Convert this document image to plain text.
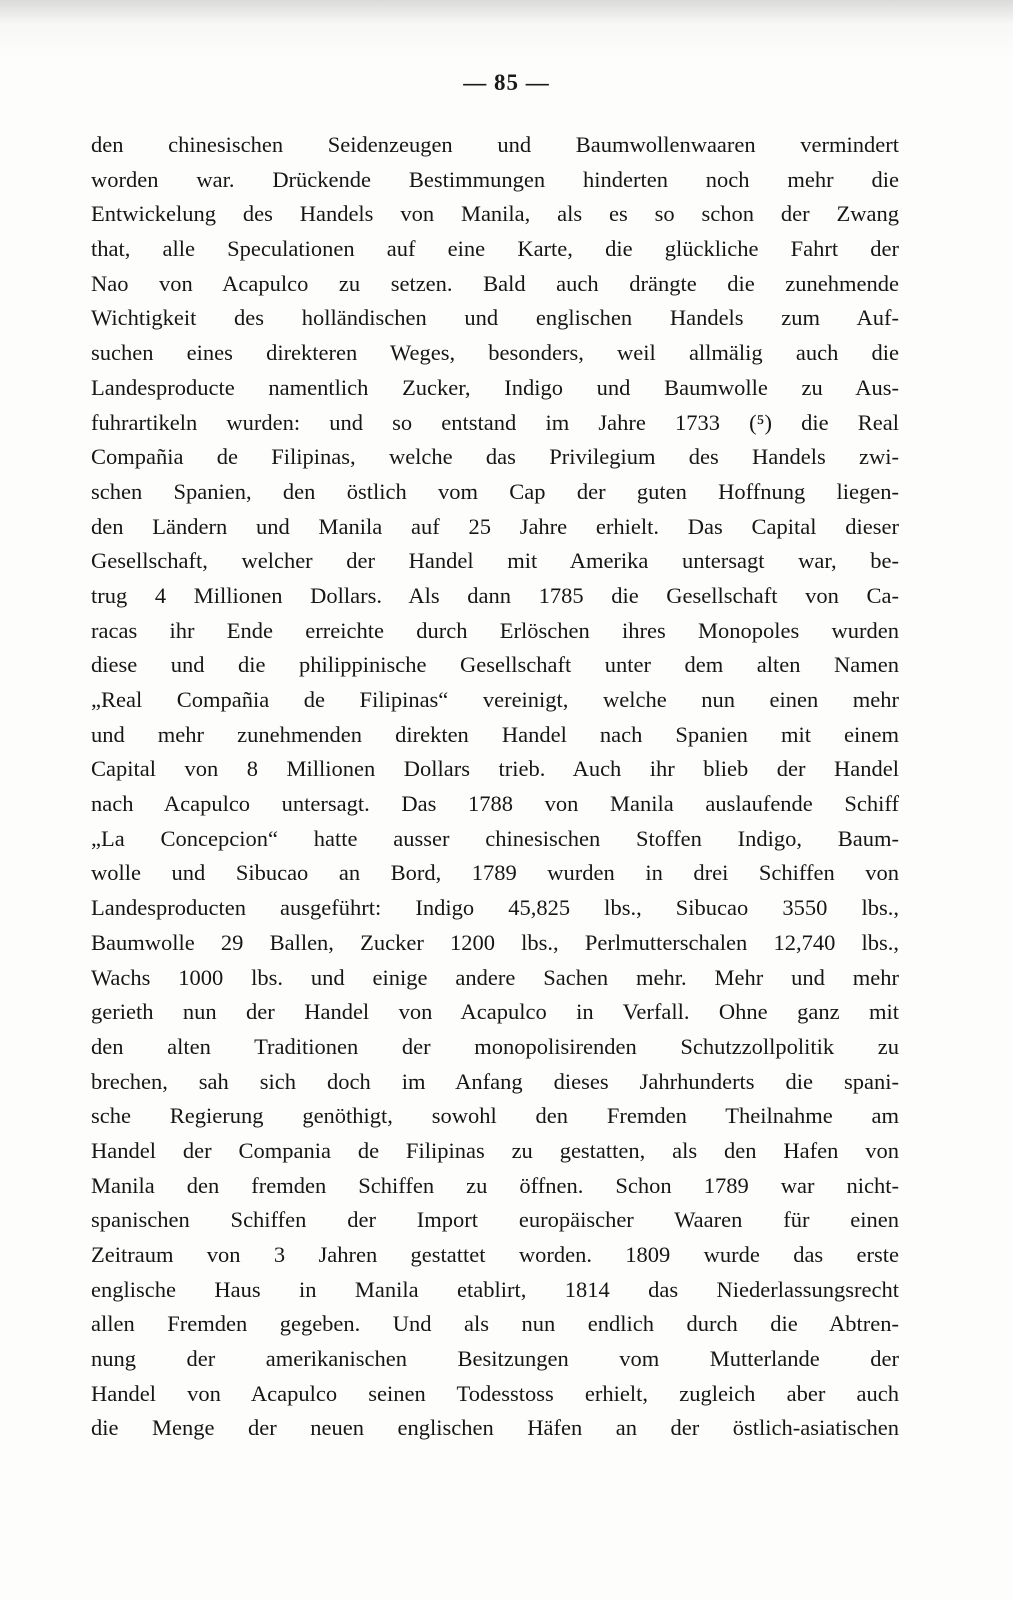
— 85 —
den chinesischen Seidenzeugen und Baumwollenwaaren vermindert
worden war. Drückende Bestimmungen hinderten noch mehr die
Entwickelung des Handels von Manila, als es so schon der Zwang
that, alle Speculationen auf eine Karte, die glückliche Fahrt der
Nao von Acapulco zu setzen. Bald auch drängte die zunehmende
Wichtigkeit des holländischen und englischen Handels zum Auf-
suchen eines direkteren Weges, besonders, weil allmälig auch die
Landesproducte namentlich Zucker, Indigo und Baumwolle zu Aus-
fuhrartikeln wurden: und so entstand im Jahre 1733 (⁵) die Real
Compañia de Filipinas, welche das Privilegium des Handels zwi-
schen Spanien, den östlich vom Cap der guten Hoffnung liegen-
den Ländern und Manila auf 25 Jahre erhielt. Das Capital dieser
Gesellschaft, welcher der Handel mit Amerika untersagt war, be-
trug 4 Millionen Dollars. Als dann 1785 die Gesellschaft von Ca-
racas ihr Ende erreichte durch Erlöschen ihres Monopoles wurden
diese und die philippinische Gesellschaft unter dem alten Namen
„Real Compañia de Filipinas“ vereinigt, welche nun einen mehr
und mehr zunehmenden direkten Handel nach Spanien mit einem
Capital von 8 Millionen Dollars trieb. Auch ihr blieb der Handel
nach Acapulco untersagt. Das 1788 von Manila auslaufende Schiff
„La Concepcion“ hatte ausser chinesischen Stoffen Indigo, Baum-
wolle und Sibucao an Bord, 1789 wurden in drei Schiffen von
Landesproducten ausgeführt: Indigo 45,825 lbs., Sibucao 3550 lbs.,
Baumwolle 29 Ballen, Zucker 1200 lbs., Perlmutterschalen 12,740 lbs.,
Wachs 1000 lbs. und einige andere Sachen mehr. Mehr und mehr
gerieth nun der Handel von Acapulco in Verfall. Ohne ganz mit
den alten Traditionen der monopolisirenden Schutzzollpolitik zu
brechen, sah sich doch im Anfang dieses Jahrhunderts die spani-
sche Regierung genöthigt, sowohl den Fremden Theilnahme am
Handel der Compania de Filipinas zu gestatten, als den Hafen von
Manila den fremden Schiffen zu öffnen. Schon 1789 war nicht-
spanischen Schiffen der Import europäischer Waaren für einen
Zeitraum von 3 Jahren gestattet worden. 1809 wurde das erste
englische Haus in Manila etablirt, 1814 das Niederlassungsrecht
allen Fremden gegeben. Und als nun endlich durch die Abtren-
nung der amerikanischen Besitzungen vom Mutterlande der
Handel von Acapulco seinen Todesstoss erhielt, zugleich aber auch
die Menge der neuen englischen Häfen an der östlich-asiatischen
